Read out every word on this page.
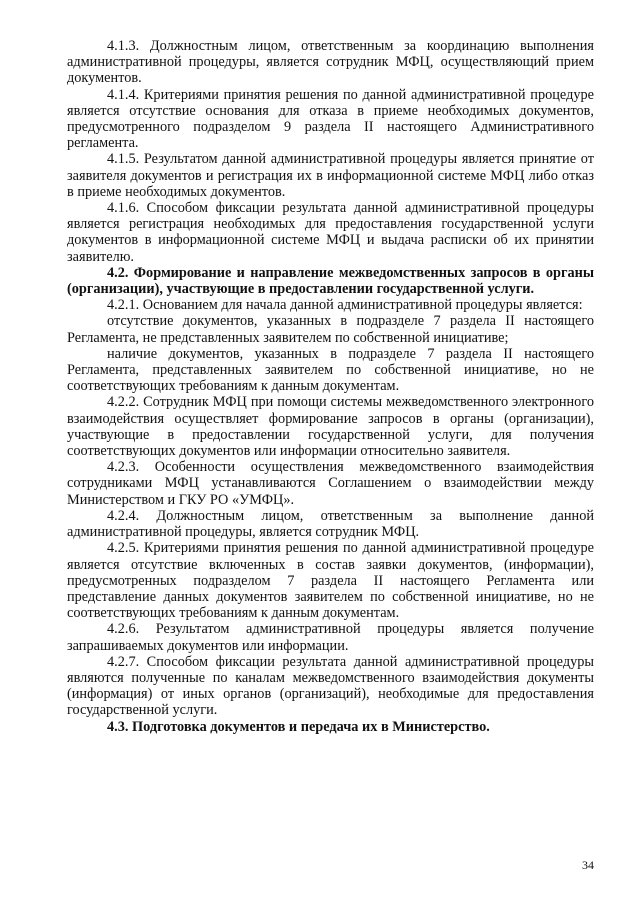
4.1.3. Должностным лицом, ответственным за координацию выполнения административной процедуры, является сотрудник МФЦ, осуществляющий прием документов.

4.1.4. Критериями принятия решения по данной административной процедуре является отсутствие основания для отказа в приеме необходимых документов, предусмотренного подразделом 9 раздела II настоящего Административного регламента.

4.1.5. Результатом данной административной процедуры является принятие от заявителя документов и регистрация их в информационной системе МФЦ либо отказ в приеме необходимых документов.

4.1.6. Способом фиксации результата данной административной процедуры является регистрация необходимых для предоставления государственной услуги документов в информационной системе МФЦ и выдача расписки об их принятии заявителю.

4.2. Формирование и направление межведомственных запросов в органы (организации), участвующие в предоставлении государственной услуги.

4.2.1. Основанием для начала данной административной процедуры является:

отсутствие документов, указанных в подразделе 7 раздела II настоящего Регламента, не представленных заявителем по собственной инициативе;

наличие документов, указанных в подразделе 7 раздела II настоящего Регламента, представленных заявителем по собственной инициативе, но не соответствующих требованиям к данным документам.

4.2.2. Сотрудник МФЦ при помощи системы межведомственного электронного взаимодействия осуществляет формирование запросов в органы (организации), участвующие в предоставлении государственной услуги, для получения соответствующих документов или информации относительно заявителя.

4.2.3. Особенности осуществления межведомственного взаимодействия сотрудниками МФЦ устанавливаются Соглашением о взаимодействии между Министерством и ГКУ РО «УМФЦ».

4.2.4. Должностным лицом, ответственным за выполнение данной административной процедуры, является сотрудник МФЦ.

4.2.5. Критериями принятия решения по данной административной процедуре является отсутствие включенных в состав заявки документов, (информации), предусмотренных подразделом 7 раздела II настоящего Регламента или представление данных документов заявителем по собственной инициативе, но не соответствующих требованиям к данным документам.

4.2.6. Результатом административной процедуры является получение запрашиваемых документов или информации.

4.2.7. Способом фиксации результата данной административной процедуры являются полученные по каналам межведомственного взаимодействия документы (информация) от иных органов (организаций), необходимые для предоставления государственной услуги.

4.3. Подготовка документов и передача их в Министерство.

34
